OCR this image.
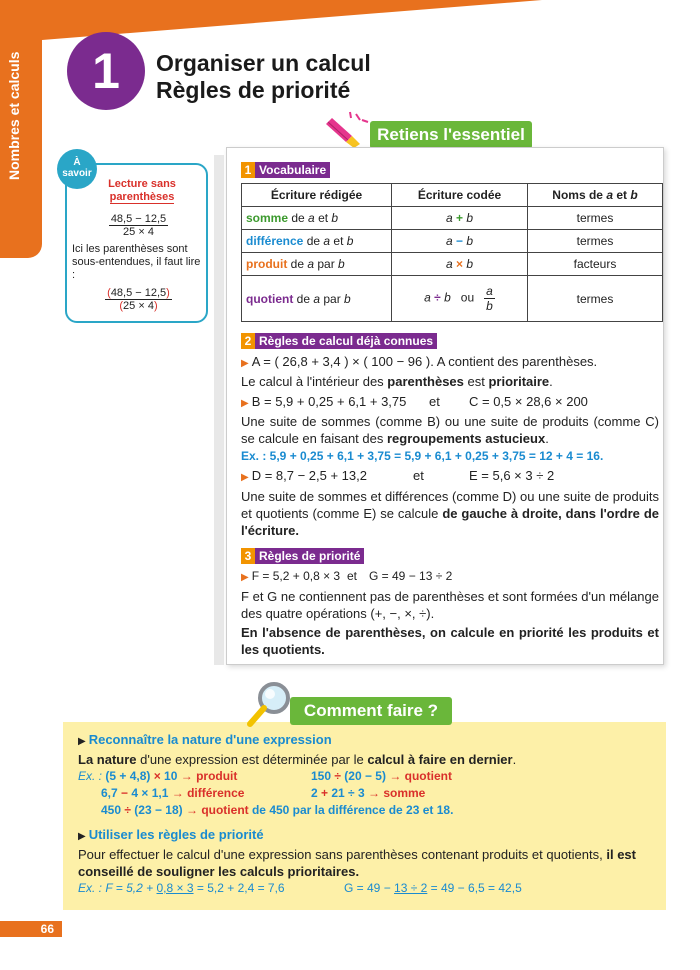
Nombres et calculs	1	Organiser un calcul
Règles de priorité
Retiens l'essentiel
Lecture sans
parenthèses
$\frac{48,5 - 12,5}{25 \times 4}$
Ici les parenthèses sont sous-entendues, il faut lire :
$\frac{(48,5 - 12,5)}{(25 \times 4)}$
À
savoir	1 Vocabulaire
Écriture rédigée	Écriture codée	Noms de a et b
somme de a et b	a + b	termes
différence de a et b	a − b	termes
produit de a par b	a × b	facteurs
quotient de a par b	a ÷ b ou $\frac{a}{b}$	termes
2 Règles de calcul déjà connues
▶ A = ( 26,8 + 3,4 ) × ( 100 − 96 ). A contient des parenthèses.
Le calcul à l'intérieur des parenthèses est prioritaire.
▶ B = 5,9 + 0,25 + 6,1 + 3,75 et C = 0,5 × 28,6 × 200
Une suite de sommes (comme B) ou une suite de produits (comme C) se calcule en faisant des regroupements astucieux.
Ex. : 5,9 + 0,25 + 6,1 + 3,75 = 5,9 + 6,1 + 0,25 + 3,75 = 12 + 4 = 16.
▶ D = 8,7 − 2,5 + 13,2	et	E = 5,6 × 3 ÷ 2
Une suite de sommes et différences (comme D) ou une suite de produits et quotients (comme E) se calcule de gauche à droite, dans l'ordre de l'écriture.
3 Règles de priorité
▶ F = 5,2 + 0,8 × 3 et G = 49 − 13 ÷ 2
F et G ne contiennent pas de parenthèses et sont formées d'un mélange des quatre opérations (+, −, ×, ÷).
En l'absence de parenthèses, on calcule en priorité les produits et les quotients.
Comment faire ?
▶ Reconnaître la nature d'une expression
La nature d'une expression est déterminée par le calcul à faire en dernier.
Ex. : (5 + 4,8) × 10 → produit	150 ÷ (20 − 5) → quotient
6,7 − 4 × 1,1 → différence	2 + 21 ÷ 3 → somme
450 ÷ (23 − 18) → quotient de 450 par la différence de 23 et 18.
▶ Utiliser les règles de priorité
Pour effectuer le calcul d'une expression sans parenthèses contenant produits et quotients, il est conseillé de souligner les calculs prioritaires.
Ex. : F = 5,2 + 0,8 × 3 = 5,2 + 2,4 = 7,6	G = 49 − 13 ÷ 2 = 49 − 6,5 = 42,5
66
